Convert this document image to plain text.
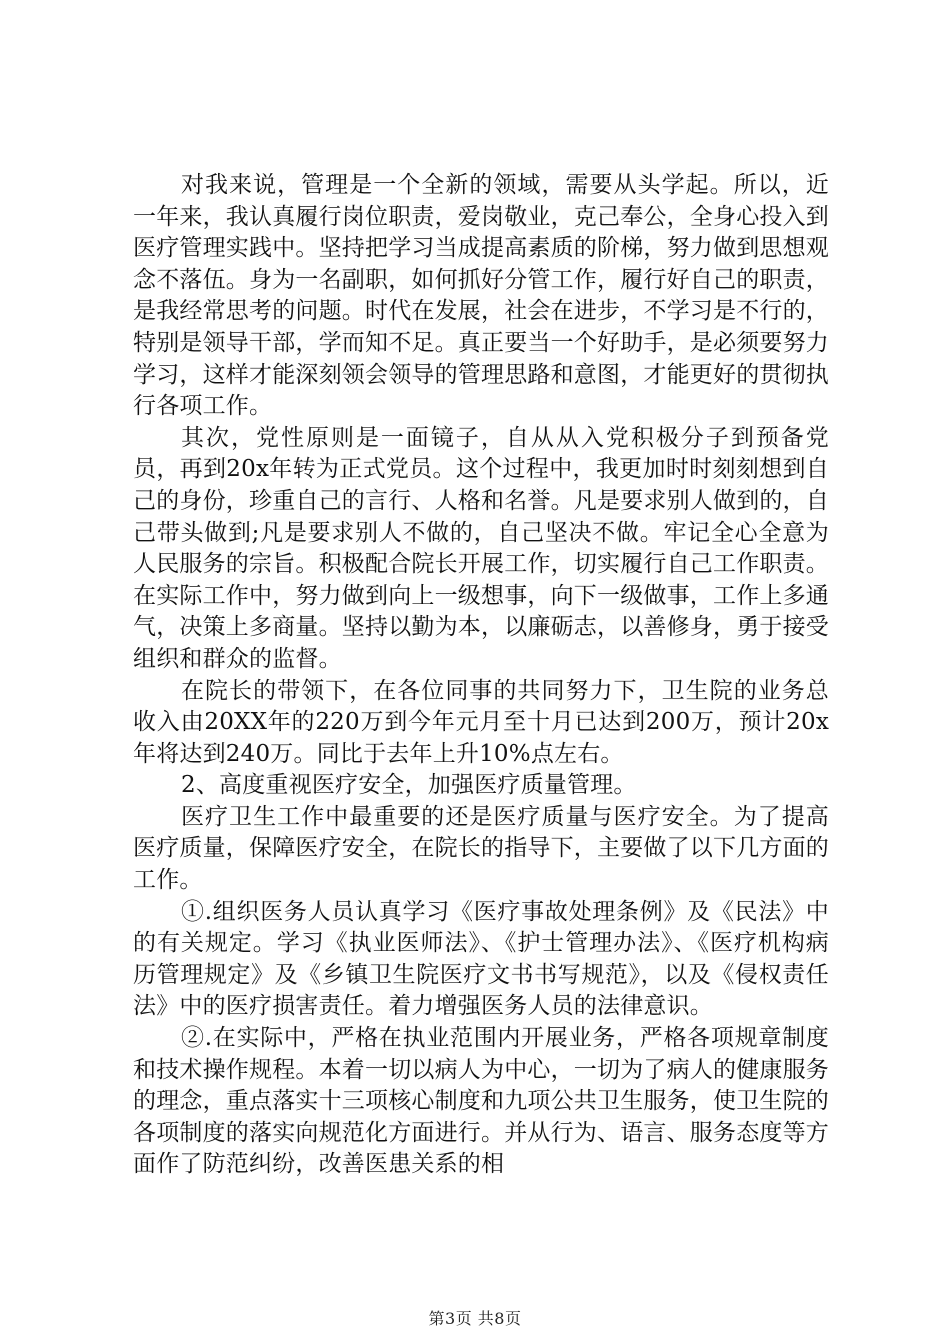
对我来说，管理是一个全新的领域，需要从头学起。所以，近一年来，我认真履行岗位职责，爱岗敬业，克己奉公，全身心投入到医疗管理实践中。坚持把学习当成提高素质的阶梯，努力做到思想观念不落伍。身为一名副职，如何抓好分管工作，履行好自己的职责，是我经常思考的问题。时代在发展，社会在进步，不学习是不行的，特别是领导干部，学而知不足。真正要当一个好助手，是必须要努力学习，这样才能深刻领会领导的管理思路和意图，才能更好的贯彻执行各项工作。

其次，党性原则是一面镜子，自从从入党积极分子到预备党员，再到20x年转为正式党员。这个过程中，我更加时时刻刻想到自己的身份，珍重自己的言行、人格和名誉。凡是要求别人做到的，自己带头做到;凡是要求别人不做的，自己坚决不做。牢记全心全意为人民服务的宗旨。积极配合院长开展工作，切实履行自己工作职责。在实际工作中，努力做到向上一级想事，向下一级做事，工作上多通气，决策上多商量。坚持以勤为本，以廉砺志，以善修身，勇于接受组织和群众的监督。

在院长的带领下，在各位同事的共同努力下，卫生院的业务总收入由20XX年的220万到今年元月至十月已达到200万，预计20x年将达到240万。同比于去年上升10%点左右。

2、高度重视医疗安全，加强医疗质量管理。

医疗卫生工作中最重要的还是医疗质量与医疗安全。为了提高医疗质量，保障医疗安全，在院长的指导下，主要做了以下几方面的工作。

①.组织医务人员认真学习《医疗事故处理条例》及《民法》中的有关规定。学习《执业医师法》、《护士管理办法》、《医疗机构病历管理规定》及《乡镇卫生院医疗文书书写规范》，以及《侵权责任法》中的医疗损害责任。着力增强医务人员的法律意识。

②.在实际中，严格在执业范围内开展业务，严格各项规章制度和技术操作规程。本着一切以病人为中心，一切为了病人的健康服务的理念，重点落实十三项核心制度和九项公共卫生服务，使卫生院的各项制度的落实向规范化方面进行。并从行为、语言、服务态度等方面作了防范纠纷，改善医患关系的相

第3页 共8页
